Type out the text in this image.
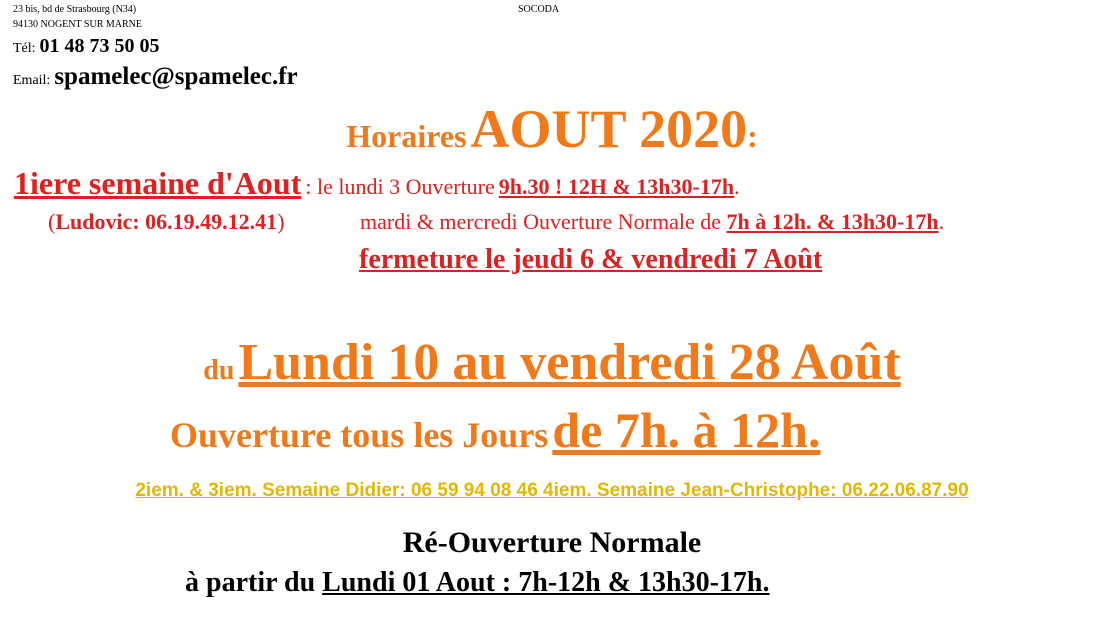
23 bis, bd de Strasbourg (N34)
94130 NOGENT SUR MARNE
SOCODA
Tél: 01 48 73 50 05
Email: spamelec@spamelec.fr
Horaires AOUT 2020:
1iere semaine d'Aout : le lundi 3 Ouverture 9h.30 ! 12H & 13h30-17h.
(Ludovic: 06.19.49.12.41)	mardi & mercredi Ouverture Normale de 7h à 12h. & 13h30-17h.
fermeture le jeudi 6 & vendredi 7 Août
du Lundi 10 au vendredi 28 Août
Ouverture tous les Jours de 7h. à 12h.
2iem. & 3iem. Semaine Didier: 06 59 94 08 46 4iem. Semaine Jean-Christophe: 06.22.06.87.90
Ré-Ouverture Normale
à partir du Lundi 01 Aout : 7h-12h & 13h30-17h.
